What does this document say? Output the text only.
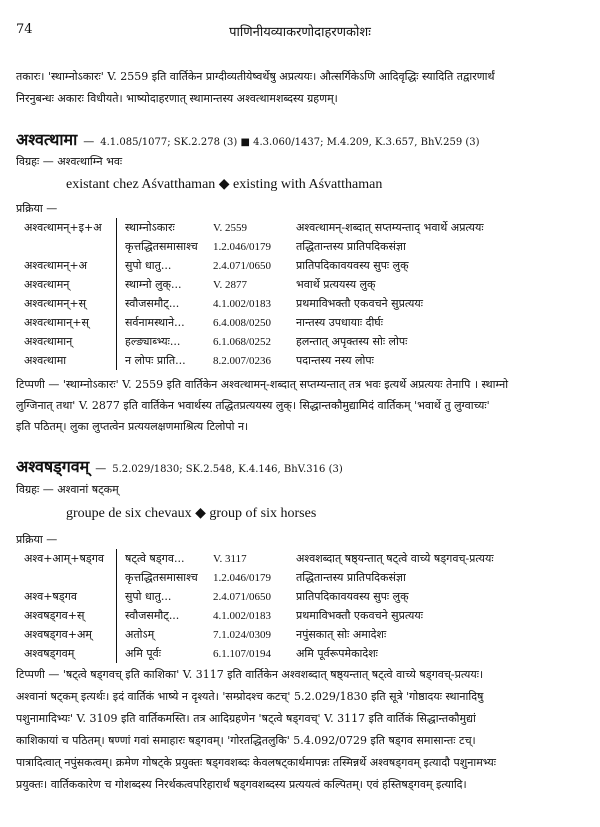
74	पाणिनीयव्याकरणोदाहरणकोशः
तकारः। 'स्थाम्नोऽकारः' V. 2559 इति वार्तिकेन प्राग्दीव्यतीयेष्वर्थेषु अप्रत्ययः। औत्सर्गिकेऽणि आदिवृद्धिः स्यादिति तद्वारणार्थं
निरनुबन्धः अकारः विधीयते। भाष्योदाहरणात् स्थामान्तस्य अश्वत्थामशब्दस्य ग्रहणम्।
अश्वत्थामा — 4.1.085/1077; SK.2.278 (3) ■ 4.3.060/1437; M.4.209, K.3.657, BhV.259 (3)
विग्रहः — अश्वत्थाम्नि भवः
existant chez Aśvatthaman ◆ existing with Aśvatthaman
प्रक्रिया —
अश्वत्थामन्+इ+अ	स्थाम्नोऽकारः	V. 2559	अश्वत्थामन्-शब्दात् सप्तम्यन्ताद् भवार्थे अप्रत्ययः
	कृत्तद्धितसमासाश्च	1.2.046/0179	तद्धितान्तस्य प्रातिपदिकसंज्ञा
अश्वत्थामन्+अ	सुपो धातु...	2.4.071/0650	प्रातिपदिकावयवस्य सुपः लुक्
अश्वत्थामन्	स्थाम्नो लुक्...	V. 2877	भवार्थे प्रत्ययस्य लुक्
अश्वत्थामन्+स्	स्वौजसमौट्...	4.1.002/0183	प्रथमाविभक्तौ एकवचने सुप्रत्ययः
अश्वत्थामान्+स्	सर्वनामस्थाने...	6.4.008/0250	नान्तस्य उपधायाः दीर्घः
अश्वत्थामान्	हल्ङ्याब्भ्यः...	6.1.068/0252	हलन्तात् अपृक्तस्य सोः लोपः
अश्वत्थामा	न लोपः प्राति...	8.2.007/0236	पदान्तस्य नस्य लोपः
टिप्पणी — 'स्थाम्नोऽकारः' V. 2559 इति वार्तिकेन अश्वत्थामन्-शब्दात् सप्तम्यन्तात् तत्र भवः इत्यर्थे अप्रत्ययः तेनापि । स्थाम्नो
लुग्जिनात् तथा' V. 2877 इति वार्तिकेन भवार्थस्य तद्धितप्रत्ययस्य लुक्। सिद्धान्तकौमुद्यामिदं वार्तिकम् 'भवार्थे तु लुग्वाच्यः'
इति पठितम्। लुका लुप्तत्वेन प्रत्ययलक्षणमाश्रित्य टिलोपो न।
अश्वषड्गवम् — 5.2.029/1830; SK.2.548, K.4.146, BhV.316 (3)
विग्रहः — अश्वानां षट्कम्
groupe de six chevaux ◆ group of six horses
प्रक्रिया —
अश्व+आम्+षड्गव	षट्त्वे षड्गव...	V. 3117	अश्वशब्दात् षष्ठ्यन्तात् षट्त्वे वाच्ये षड्गवच्-प्रत्ययः
	कृत्तद्धितसमासाश्च	1.2.046/0179	तद्धितान्तस्य प्रातिपदिकसंज्ञा
अश्व+षड्गव	सुपो धातु...	2.4.071/0650	प्रातिपदिकावयवस्य सुपः लुक्
अश्वषड्गव+स्	स्वौजसमौट्...	4.1.002/0183	प्रथमाविभक्तौ एकवचने सुप्रत्ययः
अश्वषड्गव+अम्	अतोऽम्	7.1.024/0309	नपुंसकात् सोः अमादेशः
अश्वषड्गवम्	अमि पूर्वः	6.1.107/0194	अमि पूर्वरूपमेकादेशः
टिप्पणी — 'षट्त्वे षड्गवच् इति काशिका' V. 3117 इति वार्तिकेन अश्वशब्दात् षष्ठ्यन्तात् षट्त्वे वाच्ये षड्गवच्-प्रत्ययः।
अश्वानां षट्कम् इत्यर्थः। इदं वार्तिकं भाष्ये न दृश्यते। 'सम्प्रोदश्च कटच्' 5.2.029/1830 इति सूत्रे 'गोष्ठादयः स्थानादिषु
पशुनामादिभ्यः' V. 3109 इति वार्तिकमस्ति। तत्र आदिग्रहणेन 'षट्त्वे षड्गवच्' V. 3117 इति वार्तिकं सिद्धान्तकौमुद्यां
काशिकायां च पठितम्। षण्णां गवां समाहारः षड्गवम्। 'गोरतद्धितलुकि' 5.4.092/0729 इति षड्गव समासान्तः टच्।
पात्रादित्वात् नपुंसकत्वम्। क्रमेण गोषट्के प्रयुक्तः षड्गवशब्दः केवलषट्कार्थमापन्नः तस्मिन्नर्थे अश्वषड्गवम् इत्यादौ पशुनामभ्यः
प्रयुक्तः। वार्तिककारेण च गोशब्दस्य निरर्थकत्वपरिहारार्थं षड्गवशब्दस्य प्रत्ययत्वं कल्पितम्। एवं हस्तिषड्गवम् इत्यादि।
